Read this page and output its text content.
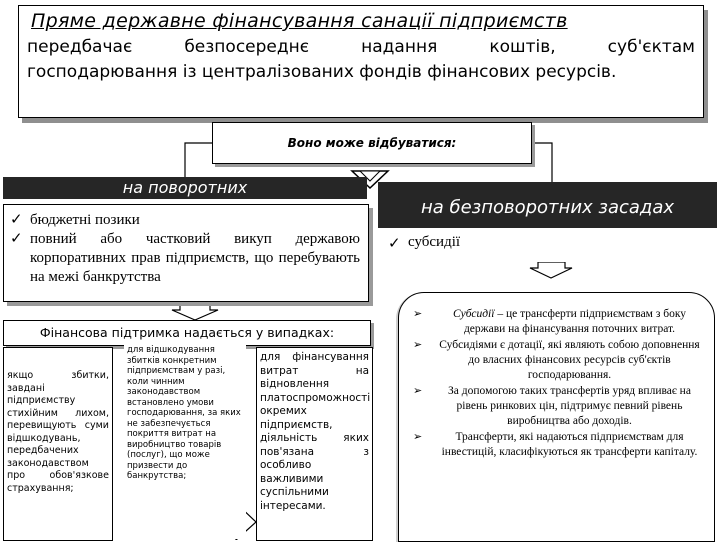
Пряме державне фінансування санації підприємств
передбачає безпосереднє надання коштів, суб'єктам
господарювання із централізованих фондів фінансових ресурсів.
Воно може відбуватися:
на поворотних
✓ бюджетні позики
✓ повний або частковий викуп державою корпоративних прав підприємств, що перебувають на межі банкрутства
на безповоротних засадах
✓ субсидії
Фінансова підтримка надається у випадках:
якщо збитки, завдані підприємству стихійним лихом, перевищують суми відшкодувань, передбачених законодавством про обов'язкове страхування;
для відшкодування збитків конкретним підприємствам у разі, коли чинним законодавством встановлено умови господарювання, за яких не забезпечується покриття витрат на виробництво товарів (послуг), що може призвести до банкрутства;
для фінансування витрат на відновлення платоспроможності окремих підприємств, діяльність яких пов'язана з особливо важливими суспільними інтересами.
➢	Субсидії – це трансферти підприємствам з боку держави на фінансування поточних витрат.
➢	Субсидіями є дотації, які являють собою доповнення до власних фінансових ресурсів суб'єктів господарювання.
➢	За допомогою таких трансфертів уряд впливає на рівень ринкових цін, підтримує певний рівень виробництва або доходів.
➢	Трансферти, які надаються підприємствам для інвестицій, класифікуються як трансферти капіталу.
